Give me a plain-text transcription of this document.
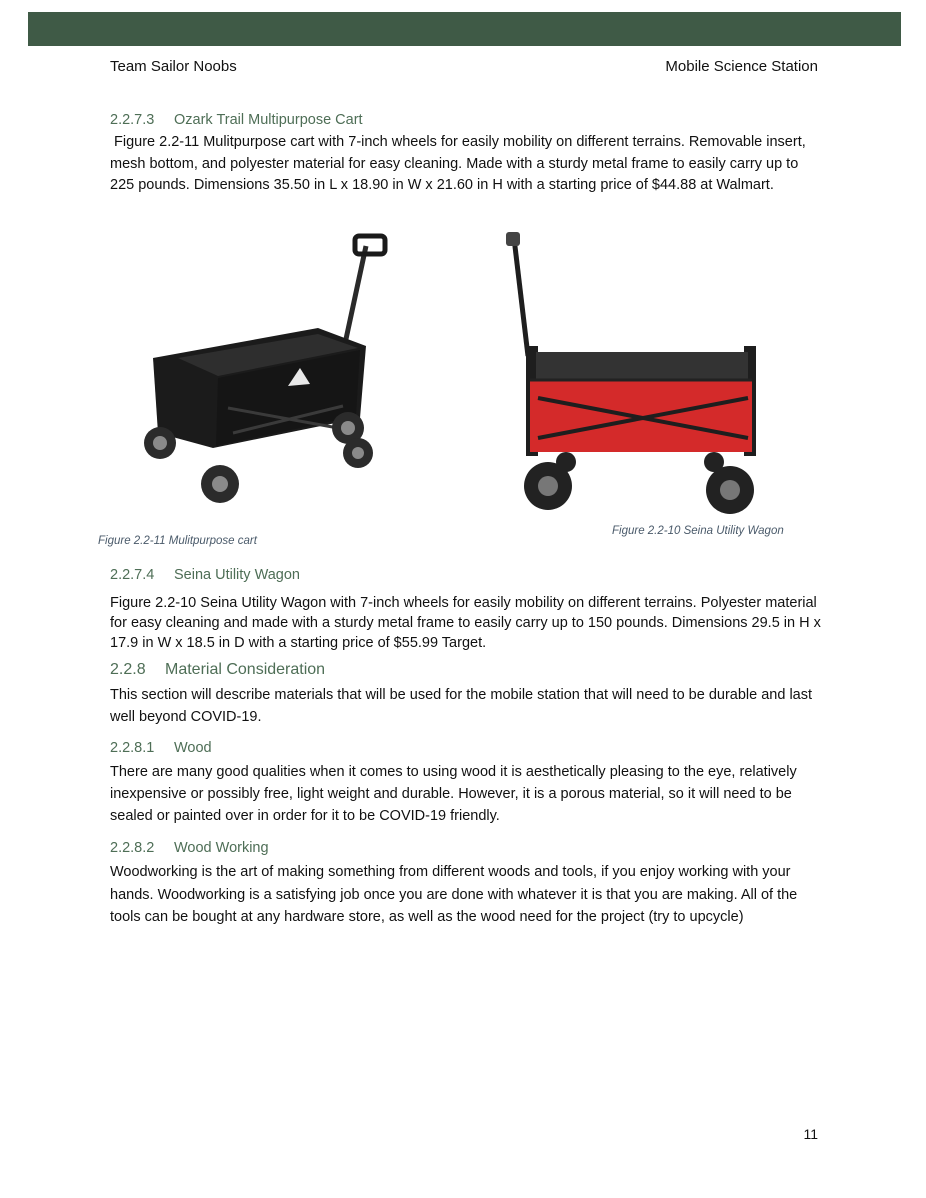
Team Sailor Noobs	Mobile Science Station
2.2.7.3 Ozark Trail Multipurpose Cart
Figure 2.2-11 Mulitpurpose cart with 7-inch wheels for easily mobility on different terrains. Removable insert, mesh bottom, and polyester material for easy cleaning. Made with a sturdy metal frame to easily carry up to 225 pounds. Dimensions 35.50 in L x 18.90 in W x 21.60 in H with a starting price of $44.88 at Walmart.
Figure 2.2-11 Mulitpurpose cart
Figure 2.2-10 Seina Utility Wagon
2.2.7.4 Seina Utility Wagon
Figure 2.2-10 Seina Utility Wagon with 7-inch wheels for easily mobility on different terrains. Polyester material for easy cleaning and made with a sturdy metal frame to easily carry up to 150 pounds. Dimensions 29.5 in H x 17.9 in W x 18.5 in D with a starting price of $55.99 Target.
2.2.8 Material Consideration
This section will describe materials that will be used for the mobile station that will need to be durable and last well beyond COVID-19.
2.2.8.1 Wood
There are many good qualities when it comes to using wood it is aesthetically pleasing to the eye, relatively inexpensive or possibly free, light weight and durable. However, it is a porous material, so it will need to be sealed or painted over in order for it to be COVID-19 friendly.
2.2.8.2 Wood Working
Woodworking is the art of making something from different woods and tools, if you enjoy working with your hands. Woodworking is a satisfying job once you are done with whatever it is that you are making. All of the tools can be bought at any hardware store, as well as the wood need for the project (try to upcycle)
11
